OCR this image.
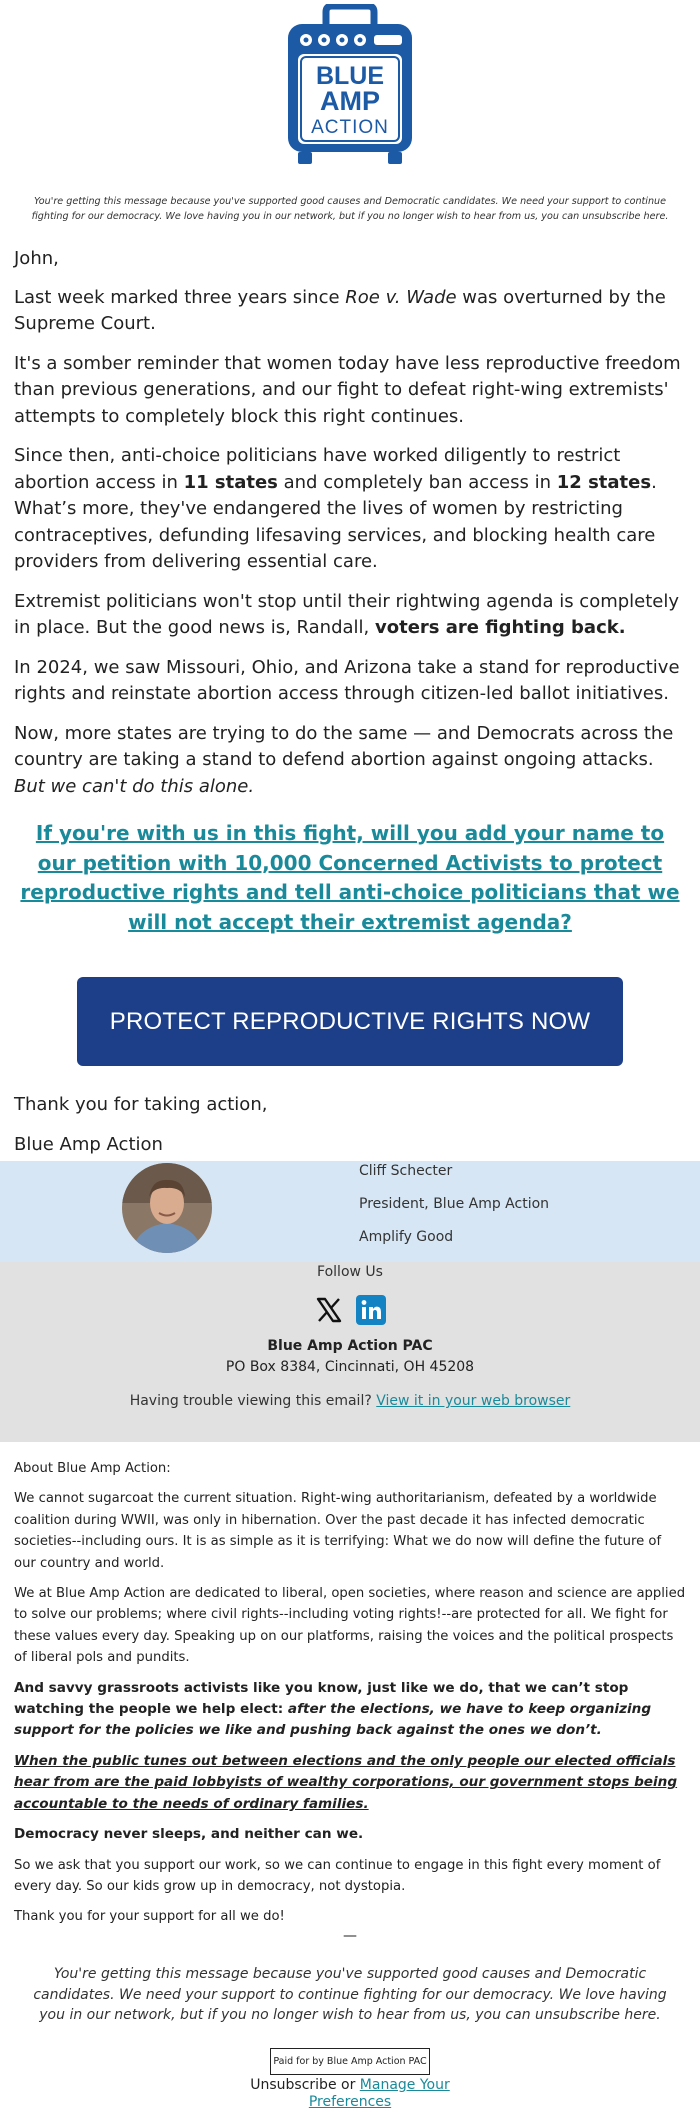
BLUE
AMP
ACTION
You're getting this message because you've supported good causes and Democratic candidates. We need your support to continue fighting for our democracy. We love having you in our network, but if you no longer wish to hear from us, you can unsubscribe here.

John,

Last week marked three years since Roe v. Wade was overturned by the Supreme Court.

It's a somber reminder that women today have less reproductive freedom than previous generations, and our fight to defeat right-wing extremists' attempts to completely block this right continues.

Since then, anti-choice politicians have worked diligently to restrict abortion access in 11 states and completely ban access in 12 states. What’s more, they've endangered the lives of women by restricting contraceptives, defunding lifesaving services, and blocking health care providers from delivering essential care.

Extremist politicians won't stop until their rightwing agenda is completely in place. But the good news is, Randall, voters are fighting back.

In 2024, we saw Missouri, Ohio, and Arizona take a stand for reproductive rights and reinstate abortion access through citizen-led ballot initiatives.

Now, more states are trying to do the same — and Democrats across the country are taking a stand to defend abortion against ongoing attacks. But we can't do this alone.

If you're with us in this fight, will you add your name to our petition with 10,000 Concerned Activists to protect reproductive rights and tell anti-choice politicians that we will not accept their extremist agenda?
PROTECT REPRODUCTIVE RIGHTS NOW

Thank you for taking action,

Blue Amp Action

Cliff Schecter
President, Blue Amp Action
Amplify Good
Follow Us
Blue Amp Action PAC
PO Box 8384, Cincinnati, OH 45208
Having trouble viewing this email? View it in your web browser

About Blue Amp Action:

We cannot sugarcoat the current situation. Right-wing authoritarianism, defeated by a worldwide coalition during WWII, was only in hibernation. Over the past decade it has infected democratic societies--including ours. It is as simple as it is terrifying: What we do now will define the future of our country and world.

We at Blue Amp Action are dedicated to liberal, open societies, where reason and science are applied to solve our problems; where civil rights--including voting rights!--are protected for all. We fight for these values every day. Speaking up on our platforms, raising the voices and the political prospects of liberal pols and pundits.

And savvy grassroots activists like you know, just like we do, that we can’t stop watching the people we help elect: after the elections, we have to keep organizing support for the policies we like and pushing back against the ones we don’t.

When the public tunes out between elections and the only people our elected officials hear from are the paid lobbyists of wealthy corporations, our government stops being accountable to the needs of ordinary families.

Democracy never sleeps, and neither can we.

So we ask that you support our work, so we can continue to engage in this fight every moment of every day. So our kids grow up in democracy, not dystopia.

Thank you for your support for all we do!

—
You're getting this message because you've supported good causes and Democratic candidates. We need your support to continue fighting for our democracy. We love having you in our network, but if you no longer wish to hear from us, you can unsubscribe here.
Paid for by Blue Amp Action PAC
Unsubscribe or Manage Your Preferences
